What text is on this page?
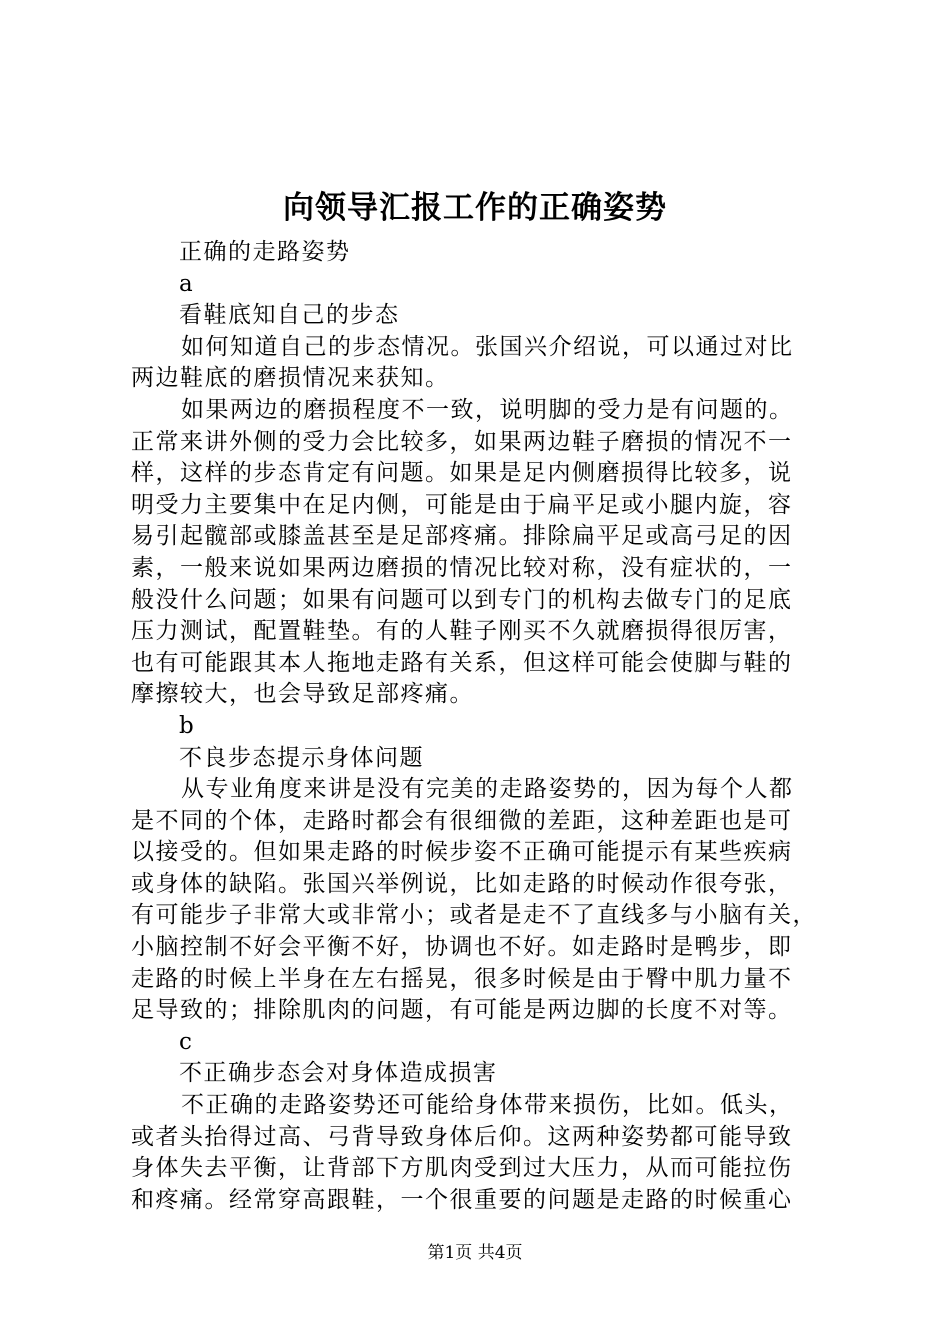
向领导汇报工作的正确姿势
正确的走路姿势
a
看鞋底知自己的步态
如何知道自己的步态情况。张国兴介绍说，可以通过对比
两边鞋底的磨损情况来获知。
如果两边的磨损程度不一致，说明脚的受力是有问题的。
正常来讲外侧的受力会比较多，如果两边鞋子磨损的情况不一
样，这样的步态肯定有问题。如果是足内侧磨损得比较多，说
明受力主要集中在足内侧，可能是由于扁平足或小腿内旋，容
易引起髋部或膝盖甚至是足部疼痛。排除扁平足或高弓足的因
素，一般来说如果两边磨损的情况比较对称，没有症状的，一
般没什么问题；如果有问题可以到专门的机构去做专门的足底
压力测试，配置鞋垫。有的人鞋子刚买不久就磨损得很厉害，
也有可能跟其本人拖地走路有关系，但这样可能会使脚与鞋的
摩擦较大，也会导致足部疼痛。
b
不良步态提示身体问题
从专业角度来讲是没有完美的走路姿势的，因为每个人都
是不同的个体，走路时都会有很细微的差距，这种差距也是可
以接受的。但如果走路的时候步姿不正确可能提示有某些疾病
或身体的缺陷。张国兴举例说，比如走路的时候动作很夸张，
有可能步子非常大或非常小；或者是走不了直线多与小脑有关，
小脑控制不好会平衡不好，协调也不好。如走路时是鸭步，即
走路的时候上半身在左右摇晃，很多时候是由于臀中肌力量不
足导致的；排除肌肉的问题，有可能是两边脚的长度不对等。
c
不正确步态会对身体造成损害
不正确的走路姿势还可能给身体带来损伤，比如。低头，
或者头抬得过高、弓背导致身体后仰。这两种姿势都可能导致
身体失去平衡，让背部下方肌肉受到过大压力，从而可能拉伤
和疼痛。经常穿高跟鞋，一个很重要的问题是走路的时候重心
第1页 共4页
